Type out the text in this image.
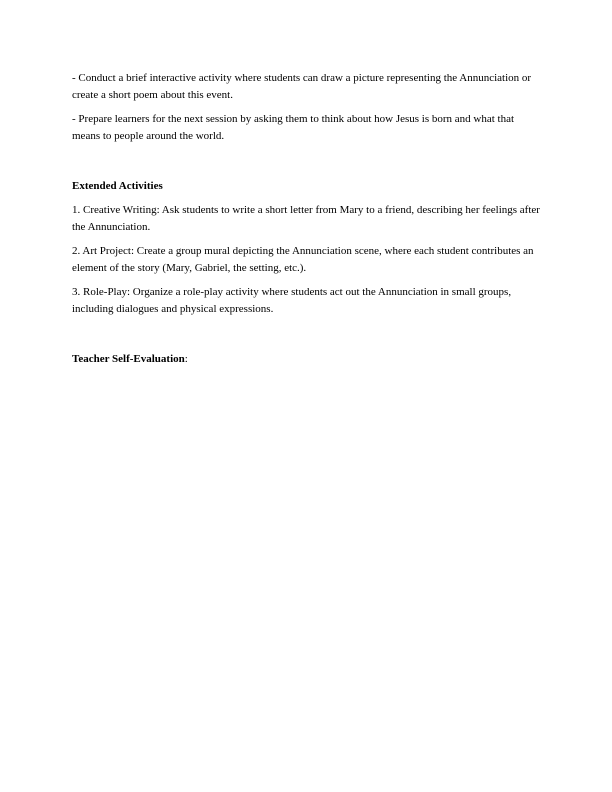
- Conduct a brief interactive activity where students can draw a picture representing the Annunciation or create a short poem about this event.

- Prepare learners for the next session by asking them to think about how Jesus is born and what that means to people around the world.

Extended Activities

1. Creative Writing: Ask students to write a short letter from Mary to a friend, describing her feelings after the Annunciation.

2. Art Project: Create a group mural depicting the Annunciation scene, where each student contributes an element of the story (Mary, Gabriel, the setting, etc.).

3. Role-Play: Organize a role-play activity where students act out the Annunciation in small groups, including dialogues and physical expressions.

Teacher Self-Evaluation:
